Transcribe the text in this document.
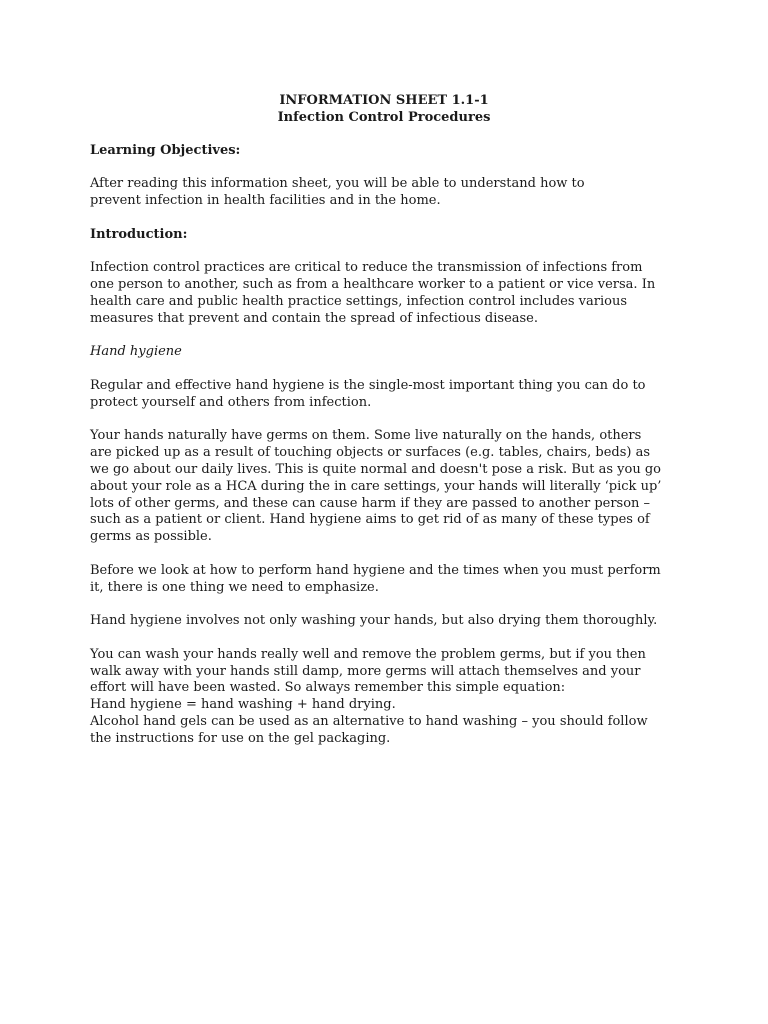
INFORMATION SHEET 1.1-1
Infection Control Procedures

Learning Objectives:

After reading this information sheet, you will be able to understand how to
prevent infection in health facilities and in the home.

Introduction:

Infection control practices are critical to reduce the transmission of infections from
one person to another, such as from a healthcare worker to a patient or vice versa. In
health care and public health practice settings, infection control includes various
measures that prevent and contain the spread of infectious disease.

Hand hygiene

Regular and effective hand hygiene is the single-most important thing you can do to
protect yourself and others from infection.

Your hands naturally have germs on them. Some live naturally on the hands, others
are picked up as a result of touching objects or surfaces (e.g. tables, chairs, beds) as
we go about our daily lives. This is quite normal and doesn't pose a risk. But as you go
about your role as a HCA during the in care settings, your hands will literally ‘pick up’
lots of other germs, and these can cause harm if they are passed to another person –
such as a patient or client. Hand hygiene aims to get rid of as many of these types of
germs as possible.

Before we look at how to perform hand hygiene and the times when you must perform
it, there is one thing we need to emphasize.

Hand hygiene involves not only washing your hands, but also drying them thoroughly.

You can wash your hands really well and remove the problem germs, but if you then
walk away with your hands still damp, more germs will attach themselves and your
effort will have been wasted. So always remember this simple equation:
Hand hygiene = hand washing + hand drying.
Alcohol hand gels can be used as an alternative to hand washing – you should follow
the instructions for use on the gel packaging.
